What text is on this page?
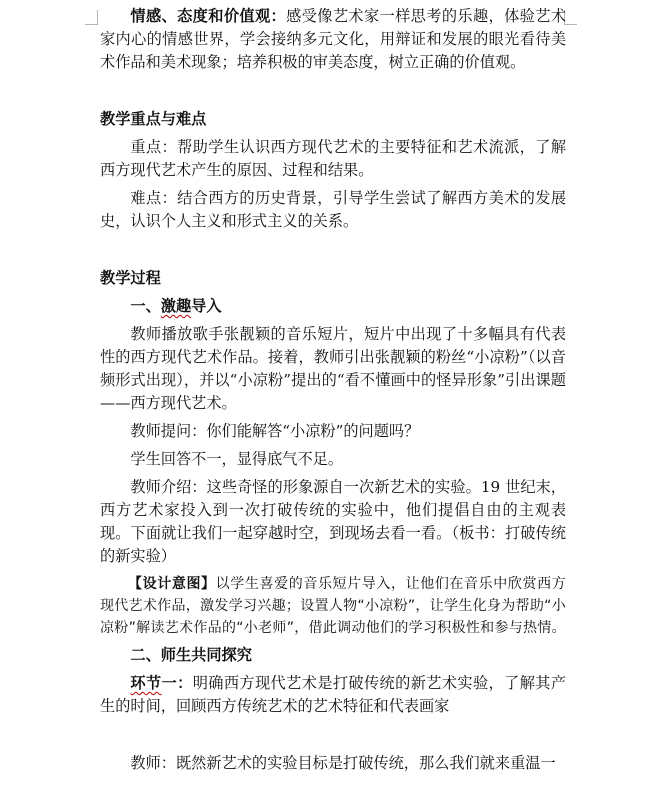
情感、态度和价值观：感受像艺术家一样思考的乐趣，体验艺术家内心的情感世界，学会接纳多元文化，用辩证和发展的眼光看待美术作品和美术现象；培养积极的审美态度，树立正确的价值观。

教学重点与难点

重点：帮助学生认识西方现代艺术的主要特征和艺术流派，了解西方现代艺术产生的原因、过程和结果。

难点：结合西方的历史背景，引导学生尝试了解西方美术的发展史，认识个人主义和形式主义的关系。

教学过程

一、激趣导入

教师播放歌手张靓颖的音乐短片，短片中出现了十多幅具有代表性的西方现代艺术作品。接着，教师引出张靓颖的粉丝“小凉粉”（以音频形式出现），并以“小凉粉”提出的“看不懂画中的怪异形象”引出课题——西方现代艺术。

教师提问：你们能解答“小凉粉”的问题吗？

学生回答不一，显得底气不足。

教师介绍：这些奇怪的形象源自一次新艺术的实验。19 世纪末，西方艺术家投入到一次打破传统的实验中，他们提倡自由的主观表现。下面就让我们一起穿越时空，到现场去看一看。（板书：打破传统的新实验）

【设计意图】以学生喜爱的音乐短片导入，让他们在音乐中欣赏西方现代艺术作品，激发学习兴趣；设置人物“小凉粉”，让学生化身为帮助“小凉粉”解读艺术作品的“小老师”，借此调动他们的学习积极性和参与热情。

二、师生共同探究

环节一：明确西方现代艺术是打破传统的新艺术实验，了解其产生的时间，回顾西方传统艺术的艺术特征和代表画家

教师：既然新艺术的实验目标是打破传统，那么我们就来重温一
